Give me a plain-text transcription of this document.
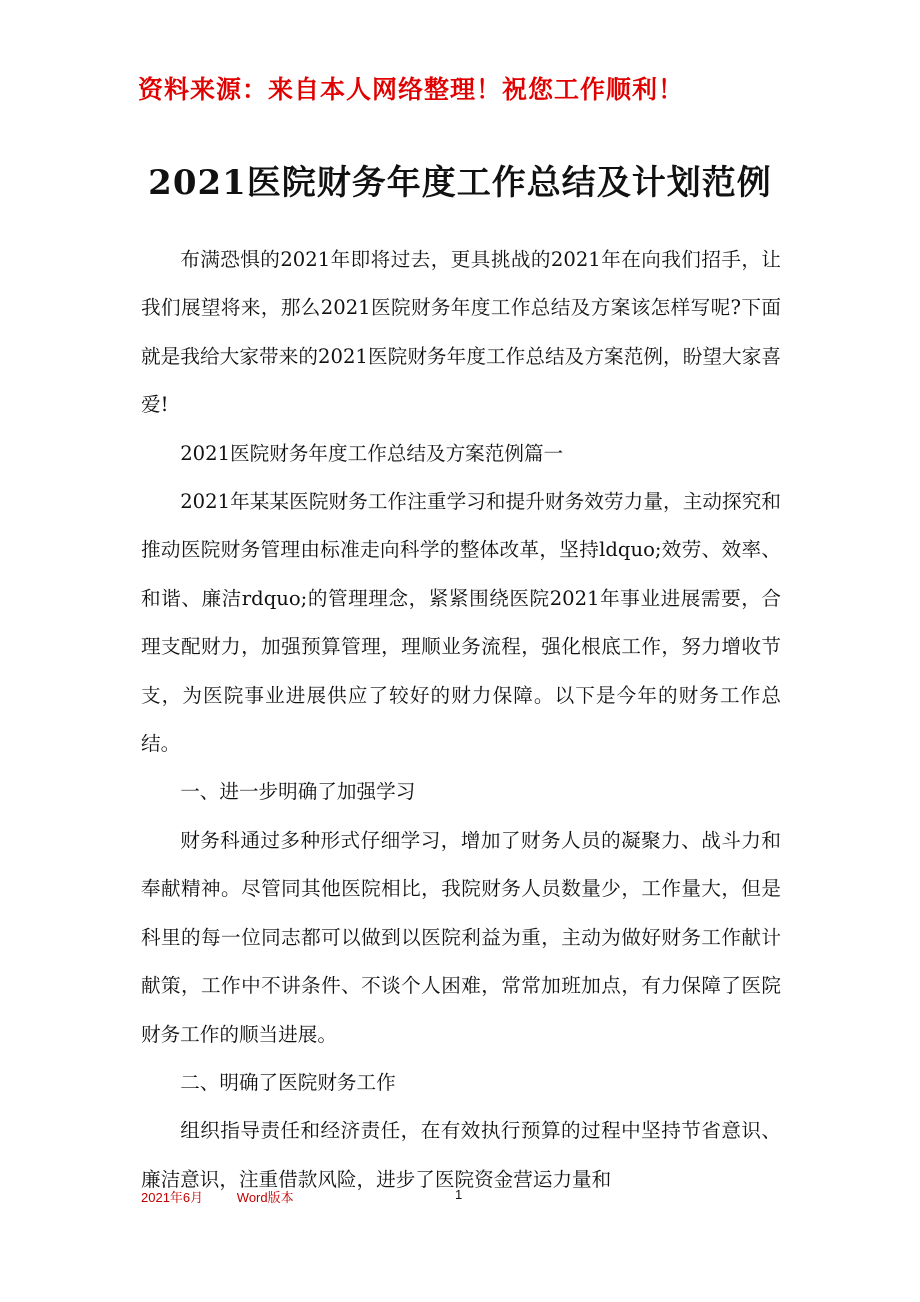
资料来源：来自本人网络整理！祝您工作顺利！
2021医院财务年度工作总结及计划范例

布满恐惧的2021年即将过去，更具挑战的2021年在向我们招手，让我们展望将来，那么2021医院财务年度工作总结及方案该怎样写呢?下面就是我给大家带来的2021医院财务年度工作总结及方案范例，盼望大家喜爱!

2021医院财务年度工作总结及方案范例篇一

2021年某某医院财务工作注重学习和提升财务效劳力量，主动探究和推动医院财务管理由标准走向科学的整体改革，坚持ldquo;效劳、效率、和谐、廉洁rdquo;的管理理念，紧紧围绕医院2021年事业进展需要，合理支配财力，加强预算管理，理顺业务流程，强化根底工作，努力增收节支，为医院事业进展供应了较好的财力保障。以下是今年的财务工作总结。

一、进一步明确了加强学习

财务科通过多种形式仔细学习，增加了财务人员的凝聚力、战斗力和奉献精神。尽管同其他医院相比，我院财务人员数量少，工作量大，但是科里的每一位同志都可以做到以医院利益为重，主动为做好财务工作献计献策，工作中不讲条件、不谈个人困难，常常加班加点，有力保障了医院财务工作的顺当进展。

二、明确了医院财务工作

组织指导责任和经济责任，在有效执行预算的过程中坚持节省意识、廉洁意识，注重借款风险，进步了医院资金营运力量和

2021年6月	Word版本	1
